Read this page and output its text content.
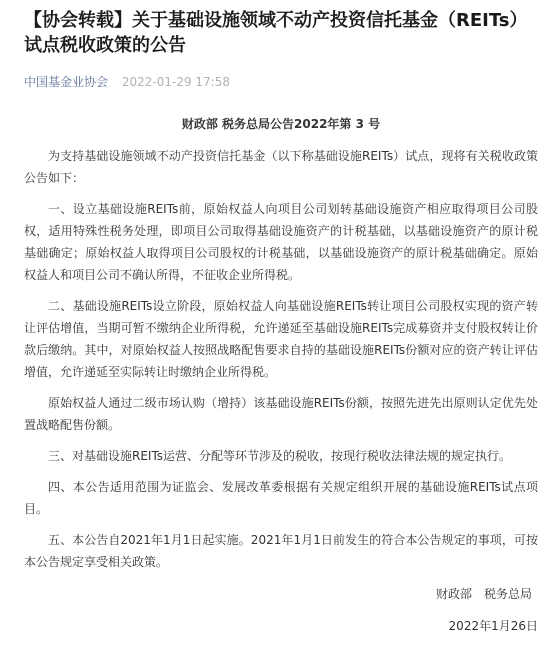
【协会转载】关于基础设施领域不动产投资信托基金（REITs）试点税收政策的公告
中国基金业协会 2022-01-29 17:58

财政部 税务总局公告2022年第 3 号

为支持基础设施领域不动产投资信托基金（以下称基础设施REITs）试点，现将有关税收政策公告如下：

一、设立基础设施REITs前，原始权益人向项目公司划转基础设施资产相应取得项目公司股权，适用特殊性税务处理，即项目公司取得基础设施资产的计税基础，以基础设施资产的原计税基础确定；原始权益人取得项目公司股权的计税基础，以基础设施资产的原计税基础确定。原始权益人和项目公司不确认所得，不征收企业所得税。

二、基础设施REITs设立阶段，原始权益人向基础设施REITs转让项目公司股权实现的资产转让评估增值，当期可暂不缴纳企业所得税，允许递延至基础设施REITs完成募资并支付股权转让价款后缴纳。其中，对原始权益人按照战略配售要求自持的基础设施REITs份额对应的资产转让评估增值，允许递延至实际转让时缴纳企业所得税。

原始权益人通过二级市场认购（增持）该基础设施REITs份额，按照先进先出原则认定优先处置战略配售份额。

三、对基础设施REITs运营、分配等环节涉及的税收，按现行税收法律法规的规定执行。

四、本公告适用范围为证监会、发展改革委根据有关规定组织开展的基础设施REITs试点项目。

五、本公告自2021年1月1日起实施。2021年1月1日前发生的符合本公告规定的事项，可按本公告规定享受相关政策。

财政部　税务总局

2022年1月26日
